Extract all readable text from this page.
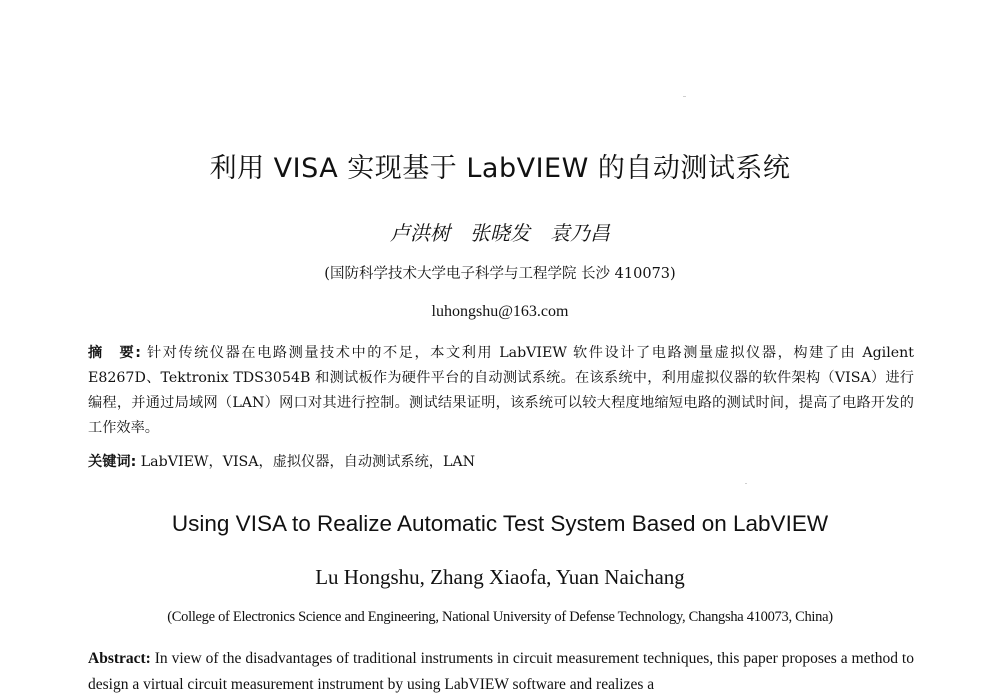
利用 VISA 实现基于 LabVIEW 的自动测试系统
卢洪树　张晓发　袁乃昌
(国防科学技术大学电子科学与工程学院 长沙 410073)
luhongshu@163.com
摘　要: 针对传统仪器在电路测量技术中的不足，本文利用 LabVIEW 软件设计了电路测量虚拟仪器，构建了由 Agilent E8267D、Tektronix TDS3054B 和测试板作为硬件平台的自动测试系统。在该系统中，利用虚拟仪器的软件架构（VISA）进行编程，并通过局域网（LAN）网口对其进行控制。测试结果证明，该系统可以较大程度地缩短电路的测试时间，提高了电路开发的工作效率。
关键词: LabVIEW，VISA，虚拟仪器，自动测试系统，LAN
Using VISA to Realize Automatic Test System Based on LabVIEW
Lu Hongshu, Zhang Xiaofa, Yuan Naichang
(College of Electronics Science and Engineering, National University of Defense Technology, Changsha 410073, China)
Abstract: In view of the disadvantages of traditional instruments in circuit measurement techniques, this paper proposes a method to design a virtual circuit measurement instrument by using LabVIEW software and realizes a
